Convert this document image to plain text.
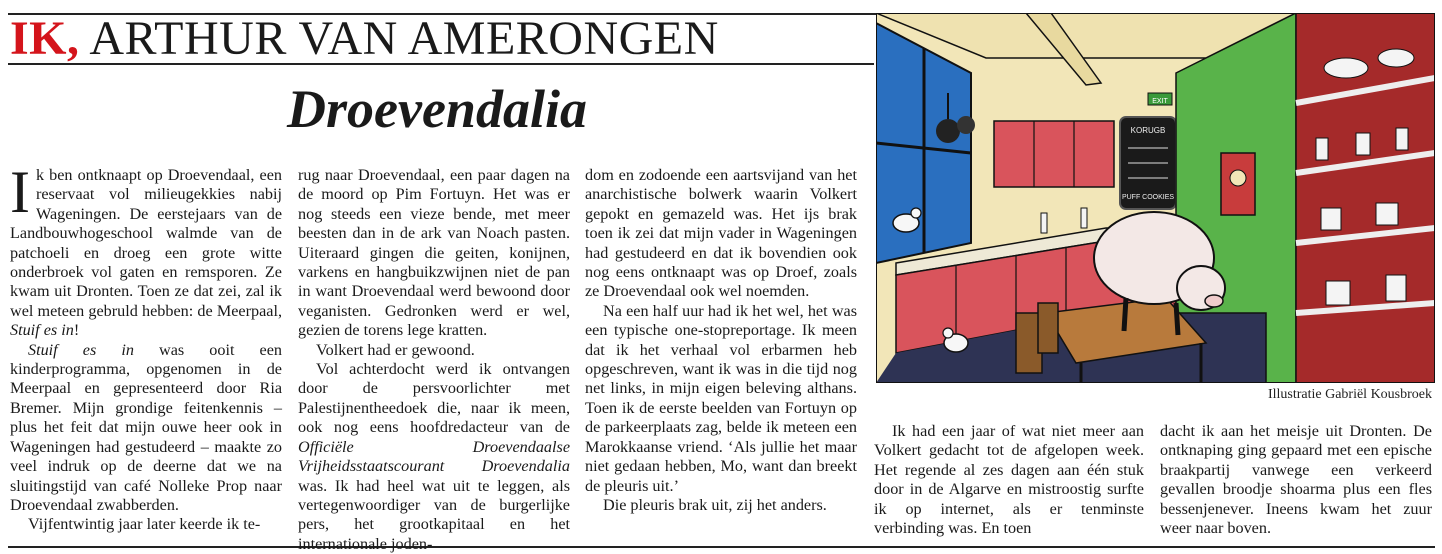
IK, ARTHUR VAN AMERONGEN
Droevendalia

Ik ben ontknaapt op Droevendaal, een reservaat vol milieugekkies nabij Wageningen. De eerstejaars van de Landbouwhogeschool walmde van de patchoeli en droeg een grote witte onderbroek vol gaten en remsporen. Ze kwam uit Dronten. Toen ze dat zei, zal ik wel meteen gebruld hebben: de Meerpaal, Stuif es in!

Stuif es in was ooit een kinderprogramma, opgenomen in de Meerpaal en gepresenteerd door Ria Bremer. Mijn grondige feitenkennis – plus het feit dat mijn ouwe heer ook in Wageningen had gestudeerd – maakte zo veel indruk op de deerne dat we na sluitingstijd van café Nolleke Prop naar Droevendaal zwabberden.

Vijfentwintig jaar later keerde ik te-

rug naar Droevendaal, een paar dagen na de moord op Pim Fortuyn. Het was er nog steeds een vieze bende, met meer beesten dan in de ark van Noach pasten. Uiteraard gingen die geiten, konijnen, varkens en hangbuikzwijnen niet de pan in want Droevendaal werd bewoond door veganisten. Gedronken werd er wel, gezien de torens lege kratten.

Volkert had er gewoond.

Vol achterdocht werd ik ontvangen door de persvoorlichter met Palestijnentheedoek die, naar ik meen, ook nog eens hoofdredacteur van de Officiële Droevendaalse Vrijheidsstaatscourant Droevendalia was. Ik had heel wat uit te leggen, als vertegenwoordiger van de burgerlijke pers, het grootkapitaal en het internationale joden-

dom en zodoende een aartsvijand van het anarchistische bolwerk waarin Volkert gepokt en gemazeld was. Het ijs brak toen ik zei dat mijn vader in Wageningen had gestudeerd en dat ik bovendien ook nog eens ontknaapt was op Droef, zoals ze Droevendaal ook wel noemden.

Na een half uur had ik het wel, het was een typische one-stopreportage. Ik meen dat ik het verhaal vol erbarmen heb opgeschreven, want ik was in die tijd nog net links, in mijn eigen beleving althans. Toen ik de eerste beelden van Fortuyn op de parkeerplaats zag, belde ik meteen een Marokkaanse vriend. ‘Als jullie het maar niet gedaan hebben, Mo, want dan breekt de pleuris uit.’

Die pleuris brak uit, zij het anders.

Ik had een jaar of wat niet meer aan Volkert gedacht tot de afgelopen week. Het regende al zes dagen aan één stuk door in de Algarve en mistroostig surfte ik op internet, als er tenminste verbinding was. En toen

dacht ik aan het meisje uit Dronten. De ontknaping ging gepaard met een epische braakpartij vanwege een verkeerd gevallen broodje shoarma plus een fles bessenjenever. Ineens kwam het zuur weer naar boven.

EXIT
KORUGB
PUFF COOKIES
Illustratie Gabriël Kousbroek
